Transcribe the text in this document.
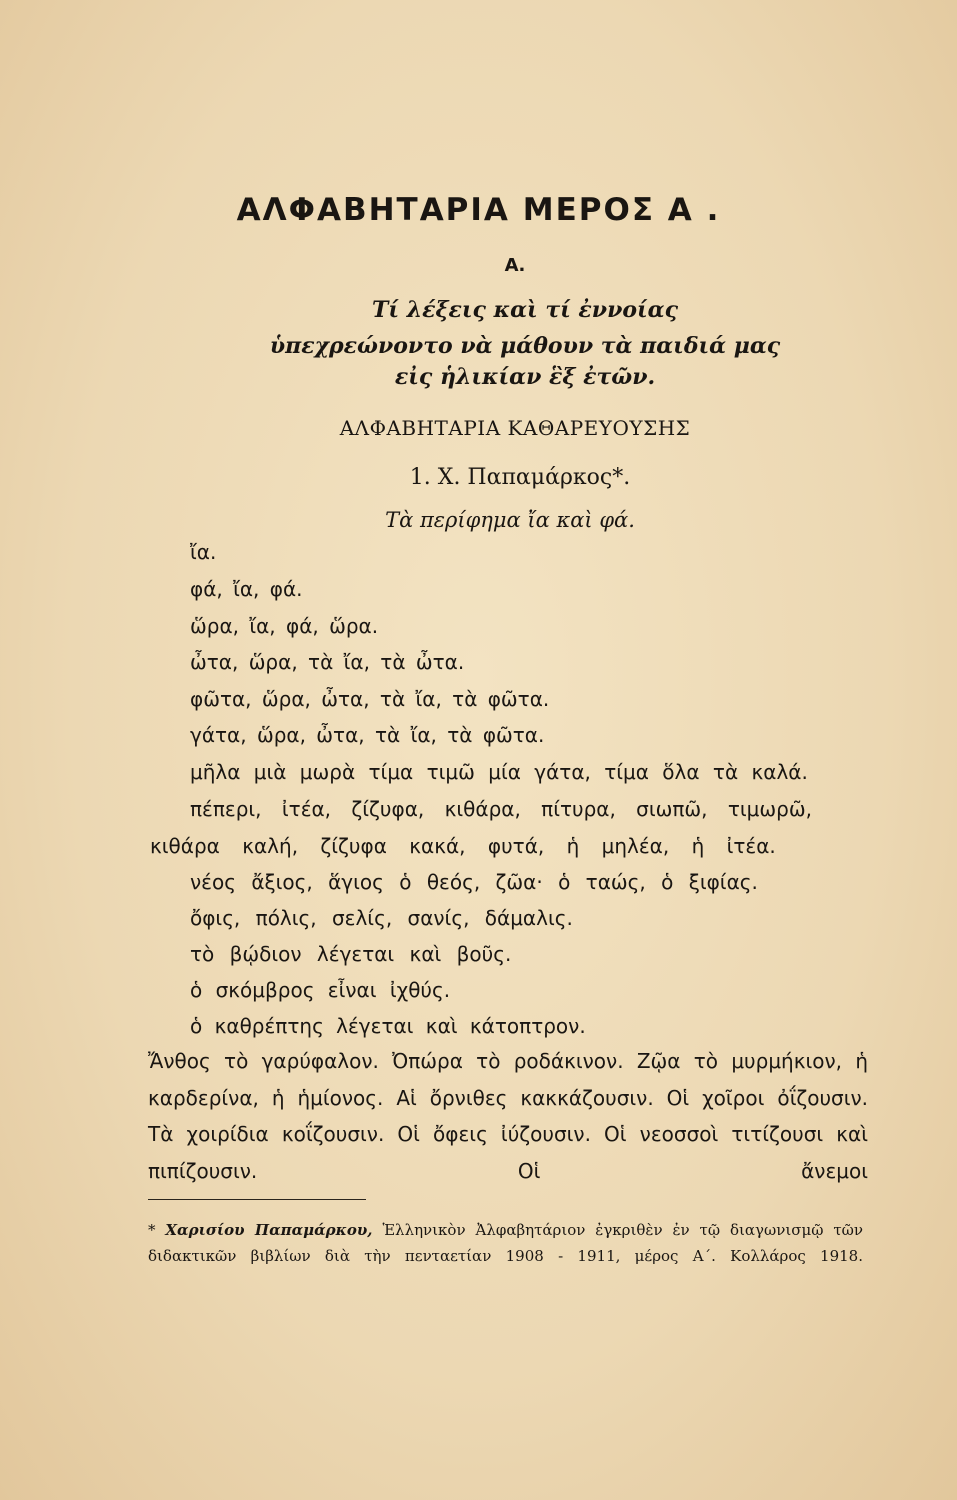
ΑΛΦΑΒΗΤΑΡΙΑ ΜΕΡΟΣ Α .
Α.
Τί λέξεις καὶ τί ἐννοίας
ὑπεχρεώνοντο νὰ μάθουν τὰ παιδιά μας
εἰς ἡλικίαν ἓξ ἐτῶν.
ΑΛΦΑΒΗΤΑΡΙΑ ΚΑΘΑΡΕΥΟΥΣΗΣ
1. Χ. Παπαμάρκος*.
Τὰ περίφημα ἴα καὶ φά.
ἴα.
φά, ἴα, φά.
ὥρα, ἴα, φά, ὥρα.
ὦτα, ὥρα, τὰ ἴα, τὰ ὦτα.
φῶτα, ὥρα, ὦτα, τὰ ἴα, τὰ φῶτα.
γάτα, ὥρα, ὦτα, τὰ ἴα, τὰ φῶτα.
μῆλα μιὰ μωρὰ τίμα τιμῶ μία γάτα, τίμα ὅλα τὰ καλά.
πέπερι, ἰτέα, ζίζυφα, κιθάρα, πίτυρα, σιωπῶ, τιμωρῶ,
κιθάρα καλή, ζίζυφα κακά, φυτά, ἡ μηλέα, ἡ ἰτέα.
νέος ἄξιος, ἅγιος ὁ θεός, ζῶα· ὁ ταώς, ὁ ξιφίας.
ὄφις, πόλις, σελίς, σανίς, δάμαλις.
τὸ βῴδιον λέγεται καὶ βοῦς.
ὁ σκόμβρος εἶναι ἰχθύς.
ὁ καθρέπτης λέγεται καὶ κάτοπτρον.

Ἄνθος τὸ γαρύφαλον. Ὀπώρα τὸ ροδάκινον. Ζῷα τὸ μυρμήκιον, ἡ καρδερίνα, ἡ ἡμίονος. Αἱ ὄρνιθες κακκάζουσιν. Οἱ χοῖροι ὀΐζουσιν. Τὰ χοιρίδια κοΐζουσιν. Οἱ ὄφεις ἰύζουσιν. Οἱ νεοσσοὶ τιτίζουσι καὶ πιπίζουσιν. Οἱ ἄνεμοι

* Χαρισίου Παπαμάρκου, Ἑλληνικὸν Ἀλφαβητάριον ἐγκριθὲν ἐν τῷ διαγωνισμῷ τῶν διδακτικῶν βιβλίων διὰ τὴν πενταετίαν 1908 - 1911, μέρος Α΄. Κολλάρος 1918.
